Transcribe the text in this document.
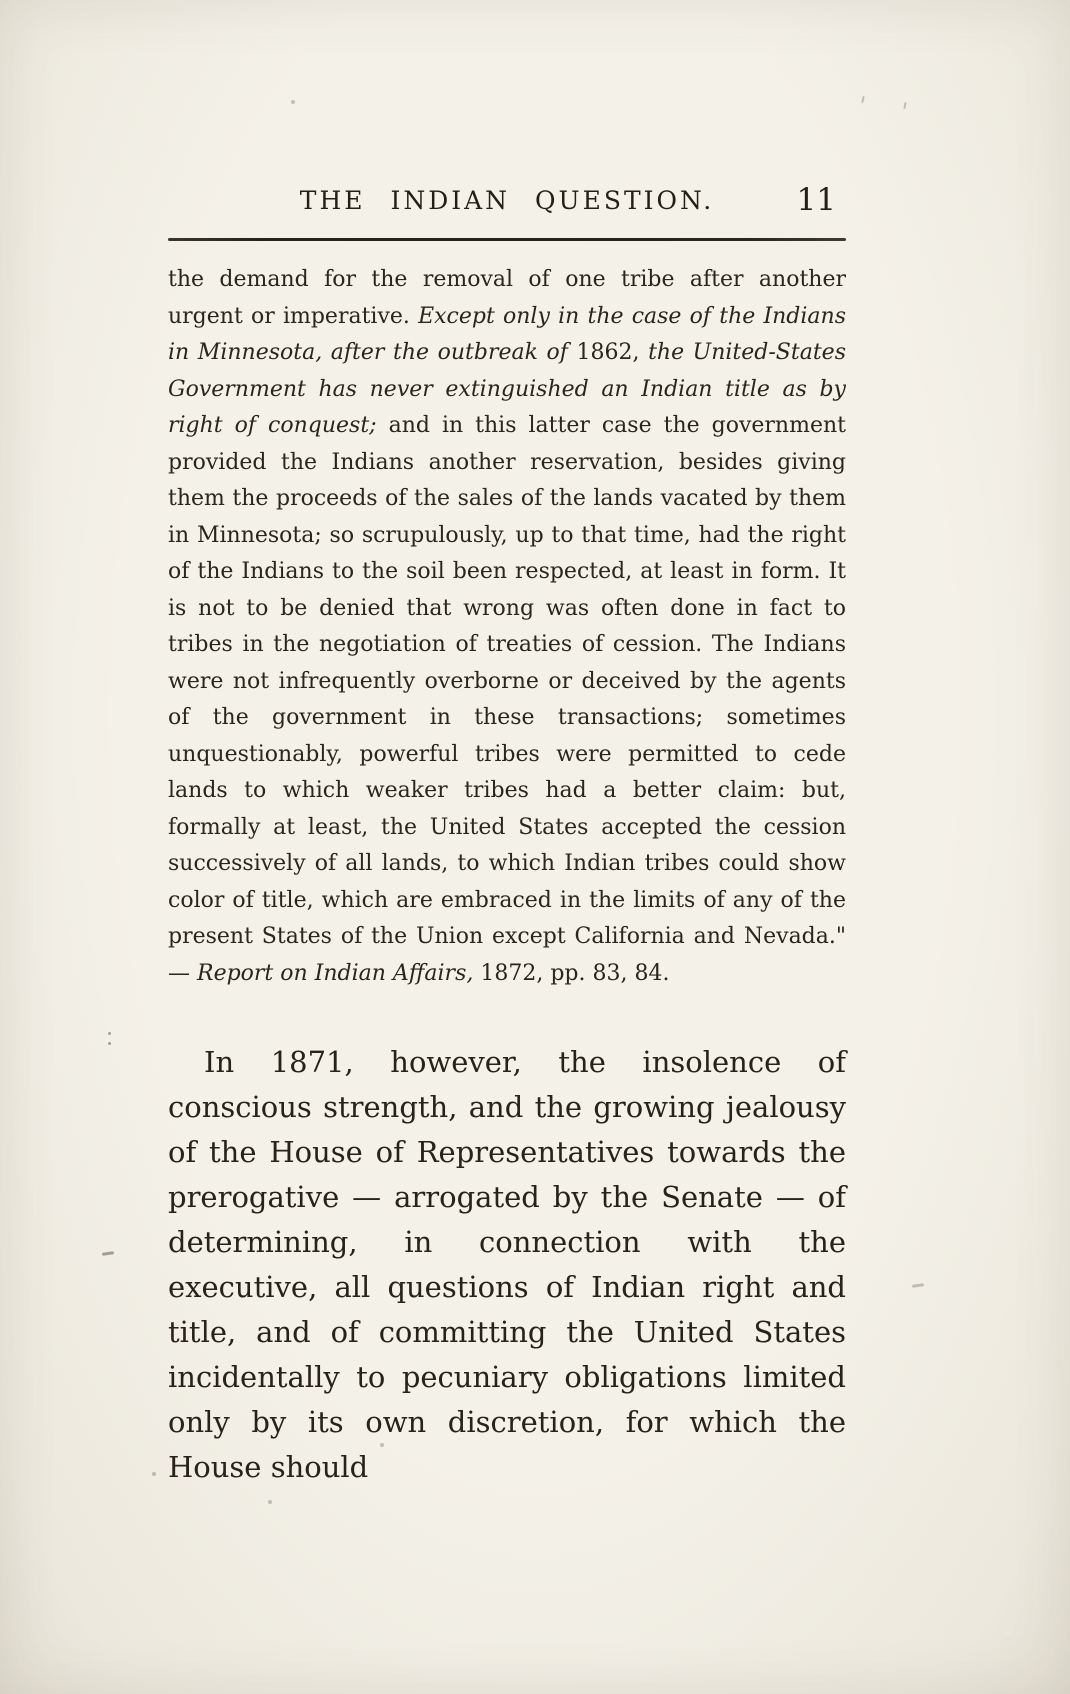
THE INDIAN QUESTION.	11

the demand for the removal of one tribe after another urgent or imperative. Except only in the case of the Indians in Minnesota, after the outbreak of 1862, the United-States Government has never extinguished an Indian title as by right of conquest; and in this latter case the government provided the Indians another reservation, besides giving them the proceeds of the sales of the lands vacated by them in Minnesota; so scrupulously, up to that time, had the right of the Indians to the soil been respected, at least in form. It is not to be denied that wrong was often done in fact to tribes in the negotiation of treaties of cession. The Indians were not infrequently overborne or deceived by the agents of the government in these transactions; sometimes unquestionably, powerful tribes were permitted to cede lands to which weaker tribes had a better claim: but, formally at least, the United States accepted the cession successively of all lands, to which Indian tribes could show color of title, which are embraced in the limits of any of the present States of the Union except California and Nevada." — Report on Indian Affairs, 1872, pp. 83, 84.

In 1871, however, the insolence of conscious strength, and the growing jealousy of the House of Representatives towards the prerogative — arrogated by the Senate — of determining, in connection with the executive, all questions of Indian right and title, and of committing the United States incidentally to pecuniary obligations limited only by its own discretion, for which the House should
